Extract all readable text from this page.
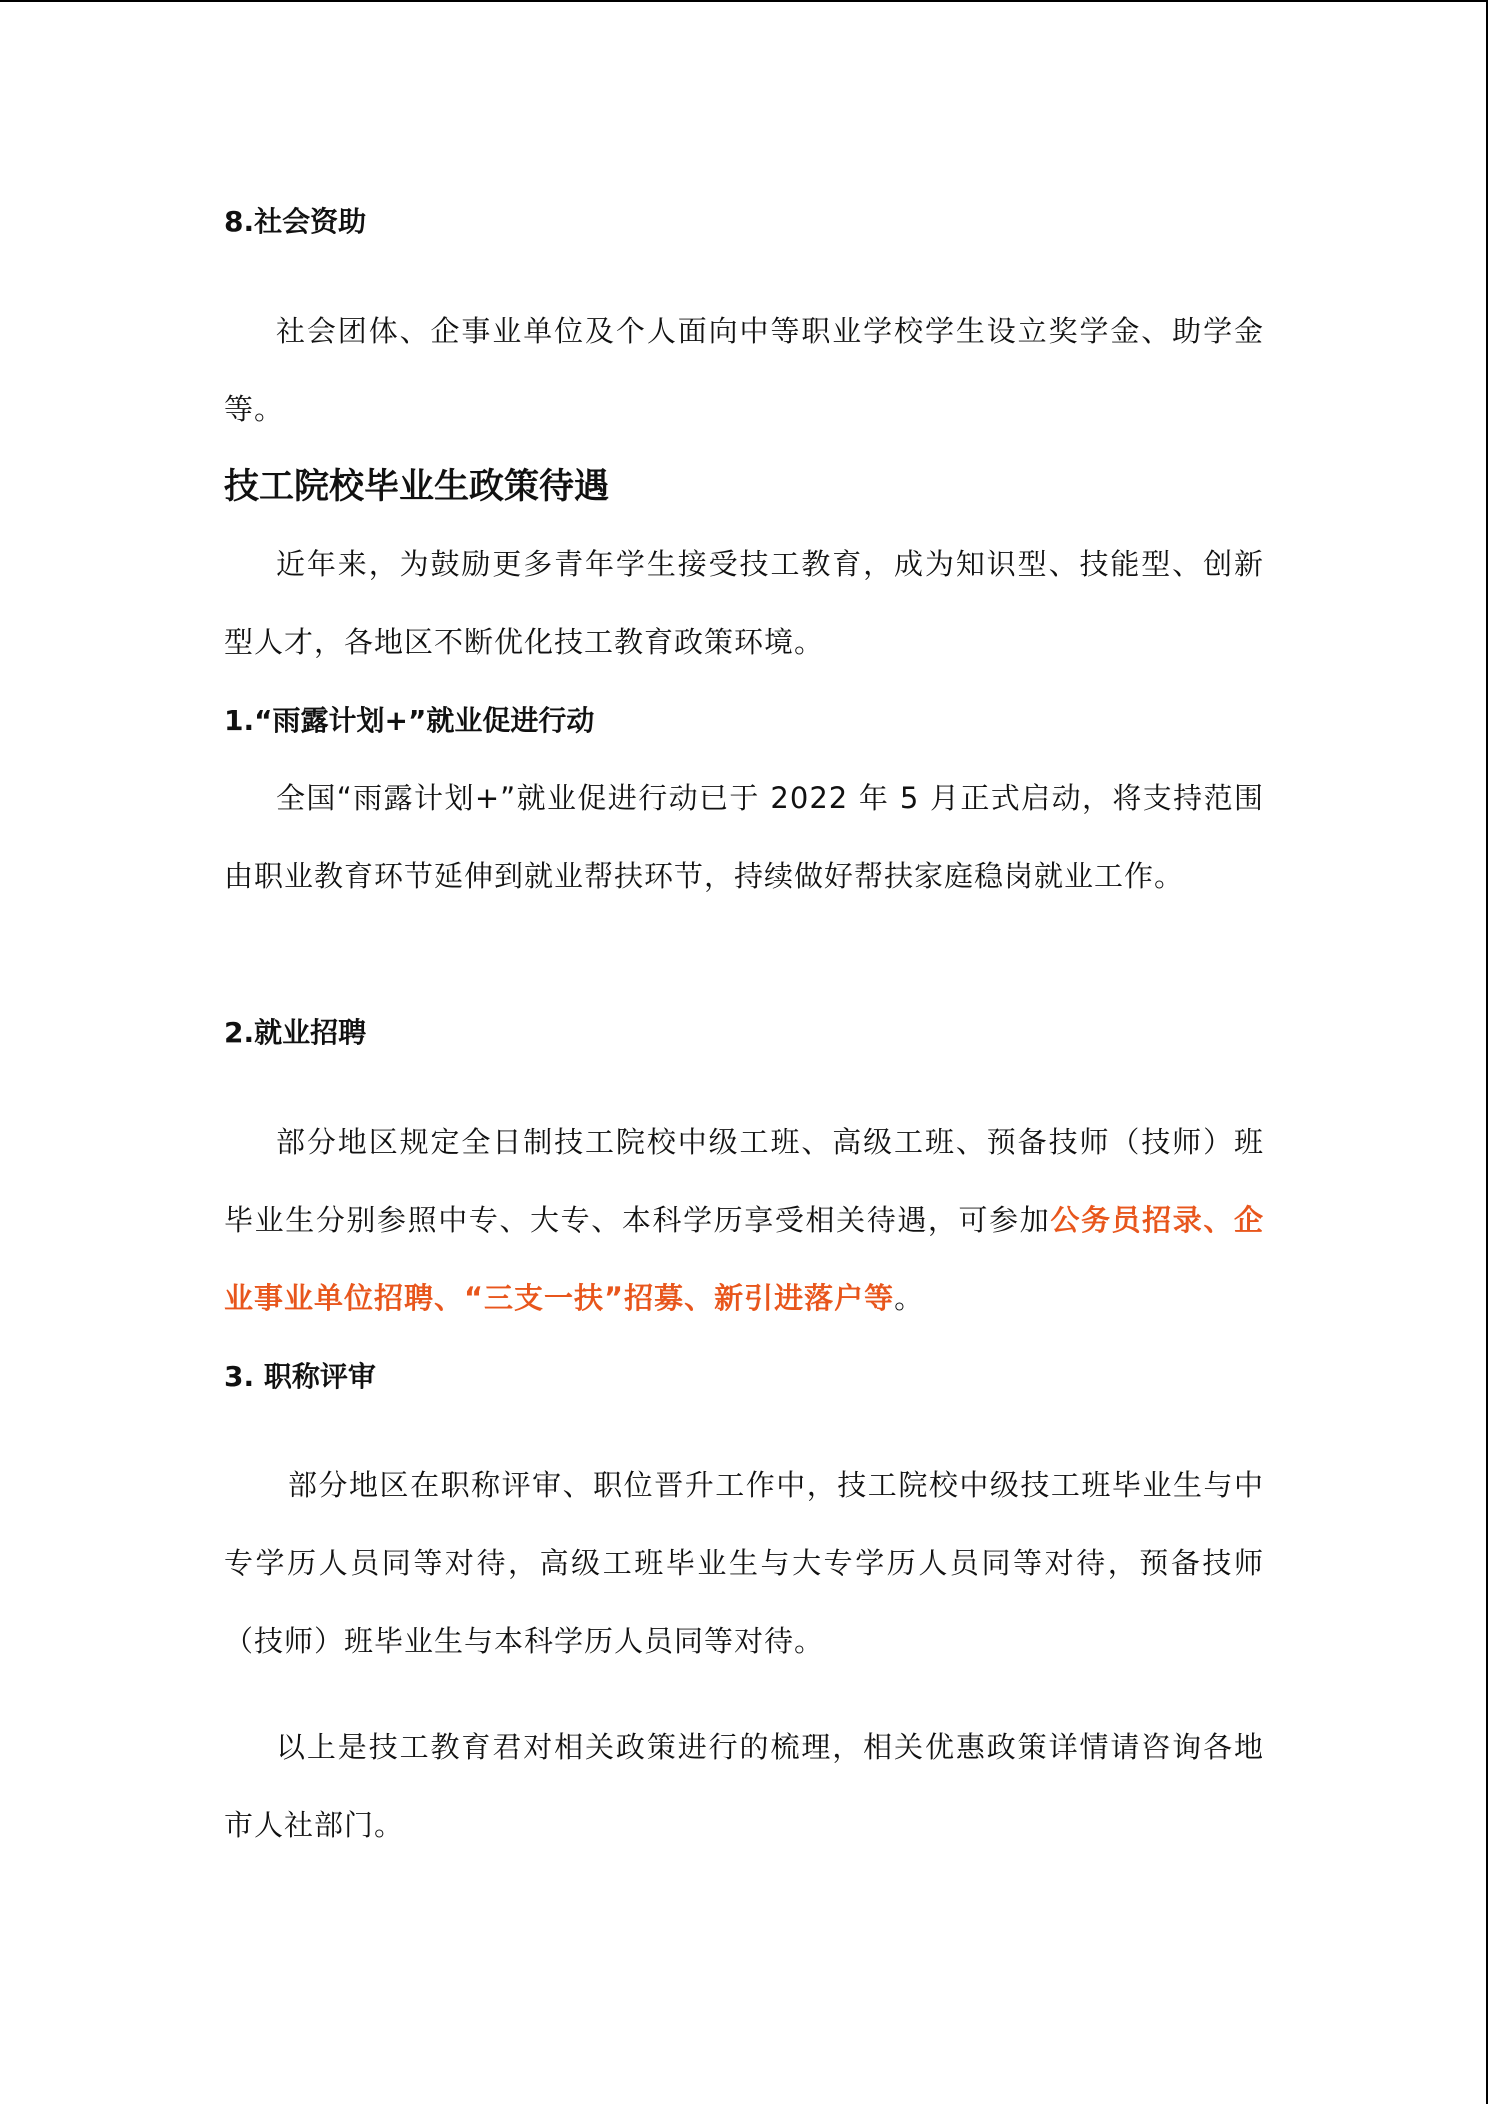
8.社会资助

社会团体、企事业单位及个人面向中等职业学校学生设立奖学金、助学金等。

技工院校毕业生政策待遇

近年来，为鼓励更多青年学生接受技工教育，成为知识型、技能型、创新型人才，各地区不断优化技工教育政策环境。

1.“雨露计划+”就业促进行动

全国“雨露计划+”就业促进行动已于 2022 年 5 月正式启动，将支持范围由职业教育环节延伸到就业帮扶环节，持续做好帮扶家庭稳岗就业工作。

2.就业招聘

部分地区规定全日制技工院校中级工班、高级工班、预备技师（技师）班毕业生分别参照中专、大专、本科学历享受相关待遇，可参加公务员招录、企业事业单位招聘、“三支一扶”招募、新引进落户等。

3. 职称评审

部分地区在职称评审、职位晋升工作中，技工院校中级技工班毕业生与中专学历人员同等对待，高级工班毕业生与大专学历人员同等对待，预备技师（技师）班毕业生与本科学历人员同等对待。

以上是技工教育君对相关政策进行的梳理，相关优惠政策详情请咨询各地市人社部门。
